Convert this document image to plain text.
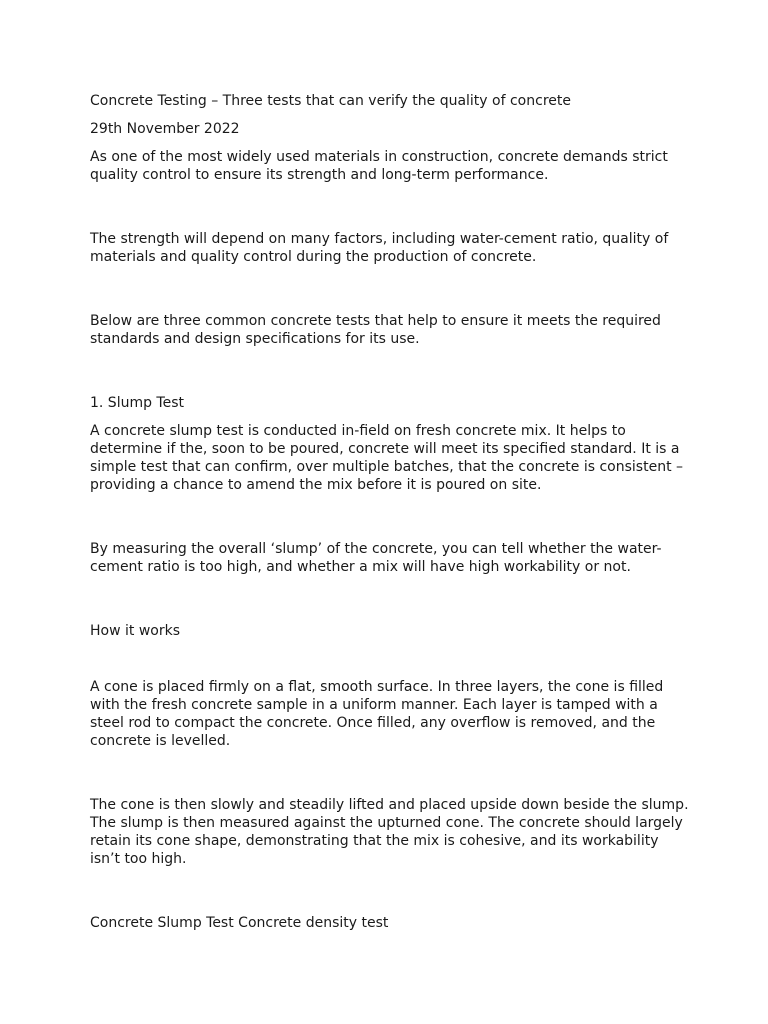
Concrete Testing – Three tests that can verify the quality of concrete

29th November 2022

As one of the most widely used materials in construction, concrete demands strict quality control to ensure its strength and long-term performance.

The strength will depend on many factors, including water-cement ratio, quality of materials and quality control during the production of concrete.

Below are three common concrete tests that help to ensure it meets the required standards and design specifications for its use.

1. Slump Test

A concrete slump test is conducted in-field on fresh concrete mix. It helps to determine if the, soon to be poured, concrete will meet its specified standard. It is a simple test that can confirm, over multiple batches, that the concrete is consistent – providing a chance to amend the mix before it is poured on site.

By measuring the overall ‘slump’ of the concrete, you can tell whether the water-cement ratio is too high, and whether a mix will have high workability or not.

How it works

A cone is placed firmly on a flat, smooth surface. In three layers, the cone is filled with the fresh concrete sample in a uniform manner. Each layer is tamped with a steel rod to compact the concrete. Once filled, any overflow is removed, and the concrete is levelled.

The cone is then slowly and steadily lifted and placed upside down beside the slump. The slump is then measured against the upturned cone. The concrete should largely retain its cone shape, demonstrating that the mix is cohesive, and its workability isn’t too high.

Concrete Slump Test Concrete density test
